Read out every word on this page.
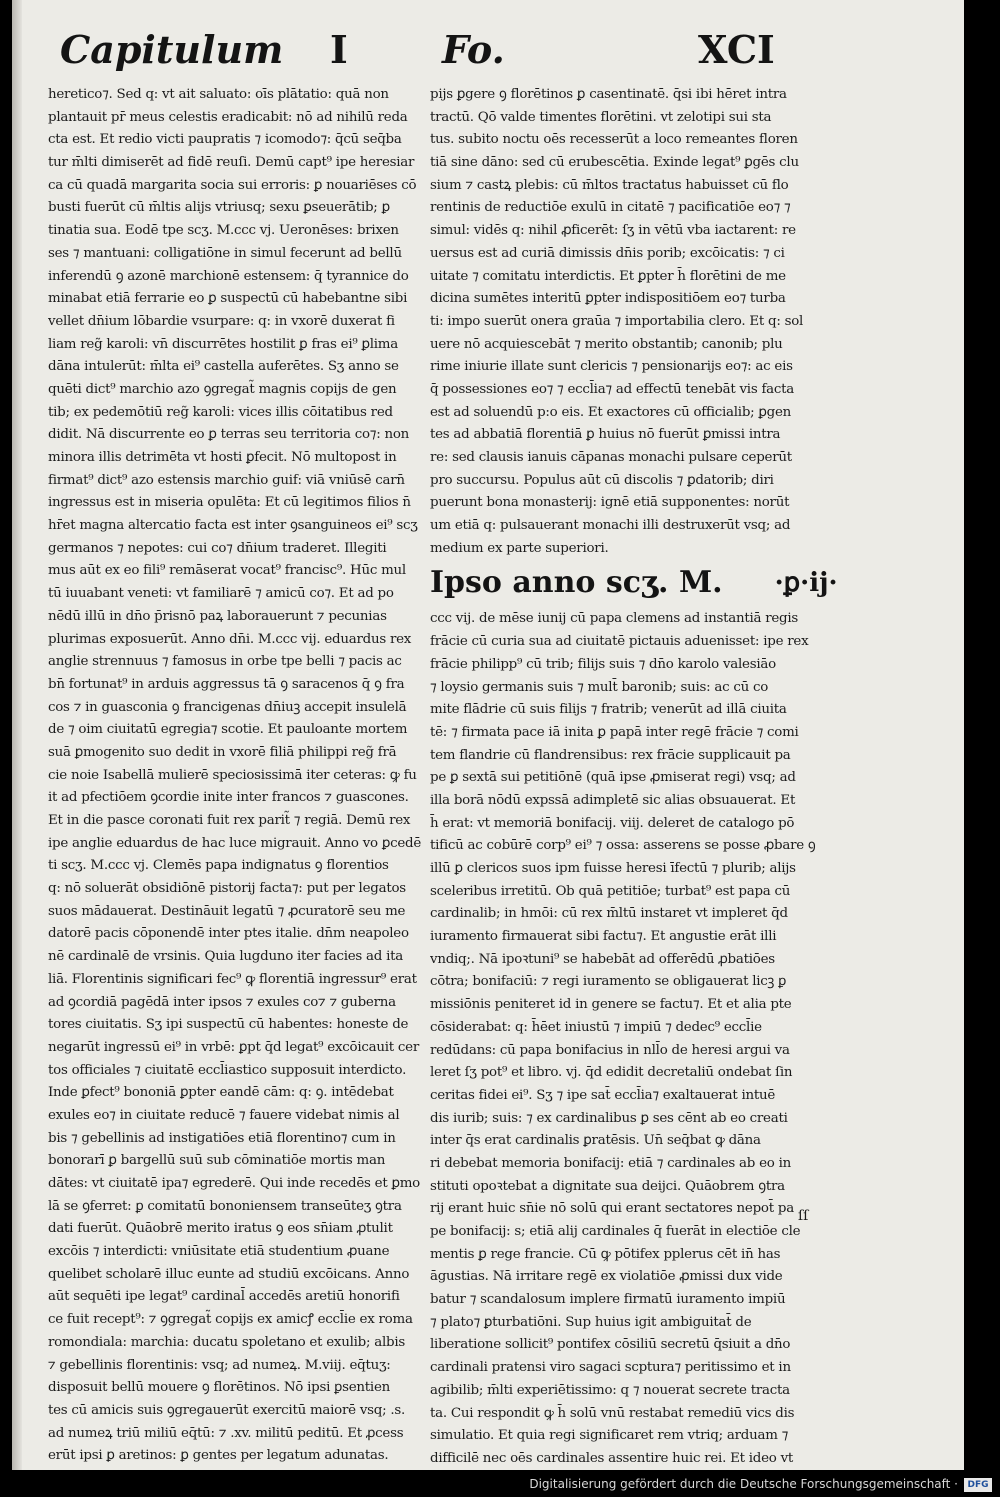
Capitulum I Fo.	XCI
heretico⁊. Sed q: vt ait saluato: oīs plātatio: quā non
plantauit pr̄ meus celestis eradicabit: nō ad nihilū reda
cta est. Et redio victi paupratis ⁊ icomodo⁊: q̄cū seq̄ba
tur m̄lti dimiserēt ad fidē reuſi. Demū capt⁹ ipe heresiar
ca cū quadā margarita socia sui erroris: ꝑ nouariēses cō
busti fuerūt cū m̄ltis alijs vtriusq; sexu ꝑseuerātib; ꝑ
tinatia sua. Eodē tpe scʒ. M.ccc vj. Ueronēses: brixen
ses ⁊ mantuani: colligatiōne in simul fecerunt ad bellū
inferendū ꝯ azonē marchionē estensem: q̄ tyrannice do
minabat etiā ferrarie eo ꝑ suspectū cū habebantne sibi
vellet dn̄ium lōbardie vsurpare: q: in vxorē duxerat fi
liam reg̃ karoli: vn̄ discurrētes hostilit ꝑ fras ei⁹ ꝑlima
dāna intulerūt: m̄lta ei⁹ castella auferētes. Sʒ anno se
quēti dict⁹ marchio azo ꝯgregat̃ magnis copijs de gen
tib; ex pedemōtiū reg̃ karoli: vices illis cōitatibus red
didit. Nā discurrente eo ꝑ terras seu territoria co⁊: non
minora illis detrimēta vt hosti ꝑfecit. Nō multopost in
firmat⁹ dict⁹ azo estensis marchio guif: viā vniūsē carn̄
ingressus est in miseria opulēta: Et cū legitimos filios n̄
hr̄et magna altercatio facta est inter ꝯsanguineos ei⁹ scʒ
germanos ⁊ nepotes: cui co⁊ dn̄ium traderet. Illegiti
mus aūt ex eo fili⁹ remāserat vocat⁹ francisc⁹. Hūc mul
tū iuuabant veneti: vt familiarē ⁊ amicū co⁊. Et ad po
nēdū illū in dn̄o p̄risnō paꝝ laborauerunt ⁊ pecunias
plurimas exposuerūt. Anno dn̄i. M.ccc vij. eduardus rex
anglie strennuus ⁊ famosus in orbe tpe belli ⁊ pacis ac
bn̄ fortunat⁹ in arduis aggressus tā ꝯ saracenos q̄ ꝯ fra
cos ⁊ in guasconia ꝯ francigenas dn̄iuꝫ accepit insulelā
de ⁊ oim ciuitatū egregia⁊ scotie. Et pauloante mortem
suā ꝑmogenito suo dedit in vxorē filiā philippi reg̃ frā
cie noie Isabellā mulierē speciosissimā iter ceteras: ꝙ fu
it ad pfectiōem ꝯcordie inite inter francos ⁊ guascones.
Et in die pasce coronati fuit rex parit̃ ⁊ regiā. Demū rex
ipe anglie eduardus de hac luce migrauit. Anno vo ꝑcedē
ti scʒ. M.ccc vj. Clemēs papa indignatus ꝯ florentios
q: nō soluerāt obsidiōnē pistorij facta⁊: put per legatos
suos mādauerat. Destināuit legatū ⁊ ꝓcuratorē seu me
datorē pacis cōponendē inter ptes italie. dn̄m neapoleo
nē cardinalē de vrsinis. Quia lugduno iter facies ad ita
liā. Florentinis significari fec⁹ ꝙ florentiā ingressur⁹ erat
ad ꝯcordiā pagēdā inter ipsos ⁊ exules co⁊ ⁊ guberna
tores ciuitatis. Sʒ ipi suspectū cū habentes: honeste de
negarūt ingressū ei⁹ in vrbē: ꝑpt q̄d legat⁹ excōicauit cer
tos officiales ⁊ ciuitatē eccl̄iastico supposuit interdicto.
Inde ꝑfect⁹ bononiā ꝑpter eandē cām: q: ꝯ. intēdebat
exules eo⁊ in ciuitate reducē ⁊ fauere videbat nimis al
bis ⁊ gebellinis ad instigatiōes etiā florentino⁊ cum in
bonorarī ꝑ bargellū suū sub cōminatiōe mortis man
dātes: vt ciuitatē ipa⁊ egrederē. Qui inde recedēs et ꝑmo
lā se ꝯferret: ꝑ comitatū bononiensem transeūteʒ ꝯtra
dati fuerūt. Quāobrē merito iratus ꝯ eos sn̄iam ꝓtulit
excōis ⁊ interdicti: vniūsitate etiā studentium ꝓuane
quelibet scholarē illuc eunte ad studiū excōicans. Anno
aūt sequēti ipe legat⁹ cardinal̄ accedēs aretiū honorifi
ce fuit recept⁹: ⁊ ꝯgregat̃ copijs ex amicꝭ eccl̄ie ex roma
romondiala: marchia: ducatu spoletano et exulib; albis
⁊ gebellinis florentinis: vsq; ad numeꝝ. M.viij. eq̄tuʒ:
disposuit bellū mouere ꝯ florētinos. Nō ipsi ꝑsentien
tes cū amicis suis ꝯgregauerūt exercitū maiorē vsq; .s.
ad numeꝝ triū miliū eq̄tū: ⁊ .xv. militū peditū. Et ꝓcess
erūt ipsi ꝑ aretinos: ꝑ gentes per legatum adunatas.
pijs ꝑgere ꝯ florētinos ꝑ casentinatē. q̄si ibi hēret intra
tractū. Qō valde timentes florētini. vt zelotipi sui sta
tus. subito noctu oēs recesserūt a loco remeantes floren
tiā sine dāno: sed cū erubescētia. Exinde legat⁹ ꝑgēs clu
sium ⁊ castꝝ plebis: cū m̄ltos tractatus habuisset cū flo
rentinis de reductiōe exulū in citatē ⁊ pacificatiōe eo⁊ ⁊
simul: vidēs q: nihil ꝓficerēt: ſʒ in vētū vba iactarent: re
uersus est ad curiā dimissis dn̄is porib; excōicatis: ⁊ ci
uitate ⁊ comitatu interdictis. Et ꝑpter h̄ florētini de me
dicina sumētes interitū ꝑpter indispositiōem eo⁊ turba
ti: impo suerūt onera graūa ⁊ importabilia clero. Et q: sol
uere nō acquiescebāt ⁊ merito obstantib; canonib; plu
rime iniurie illate sunt clericis ⁊ pensionarijs eo⁊: ac eis
q̄ possessiones eo⁊ ⁊ eccl̄ia⁊ ad effectū tenebāt vis facta
est ad soluendū p:o eis. Et exactores cū officialib; ꝑgen
tes ad abbatiā florentiā ꝑ huius nō fuerūt ꝑmissi intra
re: sed clausis ianuis cāpanas monachi pulsare ceperūt
pro succursu. Populus aūt cū discolis ⁊ ꝑdatorib; diri
puerunt bona monasterij: ignē etiā supponentes: norūt
um etiā q: pulsauerant monachi illi destruxerūt vsq; ad
medium ex parte superiori.
Ipso anno scʒ. M. ·ꝑ·ij·
ccc vij. de mēse iunij cū papa clemens ad instantiā regis
frācie cū curia sua ad ciuitatē pictauis aduenisset: ipe rex
frācie philipp⁹ cū trib; filijs suis ⁊ dn̄o karolo valesiāo
⁊ loysio germanis suis ⁊ mult̄ baronib; suis: ac cū co
mite flādrie cū suis filijs ⁊ fratrib; venerūt ad illā ciuita
tē: ⁊ firmata pace iā inita ꝑ papā inter regē frācie ⁊ comi
tem flandrie cū flandrensibus: rex frācie supplicauit pa
pe ꝑ sextā sui petitiōnē (quā ipse ꝓmiserat regi) vsq; ad
illa borā nōdū expssā adimpletē sic alias obsuauerat. Et
h̄ erat: vt memoriā bonifacij. viij. deleret de catalogo pō
tificū ac cobūrē corp⁹ ei⁹ ⁊ ossa: asserens se posse ꝓbare ꝯ
illū ꝑ clericos suos ipm fuisse heresi īfectū ⁊ plurib; alijs
sceleribus irretitū. Ob quā petitiōe; turbat⁹ est papa cū
cardinalib; in hmōi: cū rex m̄ltū instaret vt impleret q̄d
iuramento firmauerat sibi factu⁊. Et angustie erāt illi
vndiq;. Nā ipoꝛtuni⁹ se habebāt ad offerēdū ꝓbatiōes
cōtra; bonifaciū: ⁊ regi iuramento se obligauerat licꝫ ꝑ
missiōnis peniteret id in genere se factu⁊. Et et alia pte
cōsiderabat: q: h̄ēet iniustū ⁊ impiū ⁊ dedec⁹ eccl̄ie
redūdans: cū papa bonifacius in nll̄o de heresi argui va
leret ſʒ pot⁹ et libro. vj. q̄d edidit decretaliū ondebat ſin
ceritas fidei ei⁹. Sʒ ⁊ ipe sat̄ eccl̄ia⁊ exaltauerat intuē
dis iurib; suis: ⁊ ex cardinalibus ꝑ ses cēnt ab eo creati
inter q̄s erat cardinalis ꝑratēsis. Un̄ seq̄bat ꝙ dāna
ri debebat memoria bonifacij: etiā ⁊ cardinales ab eo in
stituti opoꝛtebat a dignitate sua deijci. Quāobrem ꝯtra
rij erant huic sn̄ie nō solū qui erant sectatores nepot̄ pa
pe bonifacij: s; etiā alij cardinales q̄ fuerāt in electiōe cle
mentis ꝑ rege francie. Cū ꝙ pōtifex pplerus cēt in̄ has
āgustias. Nā irritare regē ex violatiōe ꝓmissi dux vide
batur ⁊ scandalosum implere firmatū iuramento impiū
⁊ plato⁊ ꝑturbatiōni. Sup huius igit ambiguitat̄ de
liberatione sollicit⁹ pontifex cōsiliū secretū q̄siuit a dn̄o
cardinali pratensi viro sagaci scptura⁊ peritissimo et in
agibilib; m̄lti experiētissimo: q ⁊ nouerat secrete tracta
ta. Cui respondit ꝙ h̄ solū vnū restabat remediū vics dis
simulatio. Et quia regi significaret rem vtriq; arduam ⁊
difficilē nec oēs cardinales assentire huic rei. Et ideo vt
ſſ
Digitalisierung gefördert durch die Deutsche Forschungsgemeinschaft ·	DFG
